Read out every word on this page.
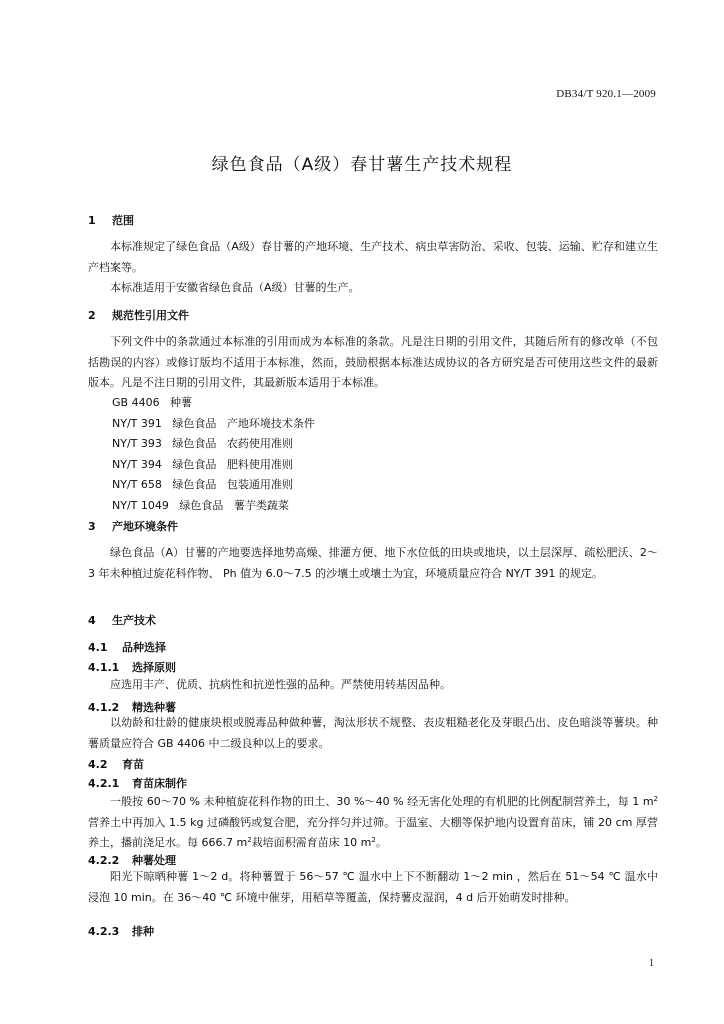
DB34/T 920.1—2009
绿色食品（A级）春甘薯生产技术规程
1 范围
本标准规定了绿色食品（A级）春甘薯的产地环境、生产技术、病虫草害防治、采收、包装、运输、贮存和建立生产档案等。
本标准适用于安徽省绿色食品（A级）甘薯的生产。
2 规范性引用文件
下列文件中的条款通过本标准的引用而成为本标准的条款。凡是注日期的引用文件，其随后所有的修改单（不包括勘误的内容）或修订版均不适用于本标准，然而，鼓励根据本标准达成协议的各方研究是否可使用这些文件的最新版本。凡是不注日期的引用文件，其最新版本适用于本标准。
GB 4406   种薯
NY/T 391   绿色食品   产地环境技术条件
NY/T 393   绿色食品   农药使用准则
NY/T 394   绿色食品   肥料使用准则
NY/T 658   绿色食品   包装通用准则
NY/T 1049   绿色食品   薯芋类蔬菜
3 产地环境条件
绿色食品（A）甘薯的产地要选择地势高燥、排灌方便、地下水位低的田块或地块，以土层深厚、疏松肥沃、2～3 年未种植过旋花科作物、 Ph 值为 6.0～7.5 的沙壤土或壤土为宜，环境质量应符合 NY/T 391 的规定。
4 生产技术
4.1 品种选择
4.1.1 选择原则
应选用丰产、优质、抗病性和抗逆性强的品种。严禁使用转基因品种。
4.1.2 精选种薯
以幼龄和壮龄的健康块根或脱毒品种做种薯，淘汰形状不规整、表皮粗糙老化及芽眼凸出、皮色暗淡等薯块。种薯质量应符合 GB 4406 中二级良种以上的要求。
4.2 育苗
4.2.1 育苗床制作
一般按 60～70 % 未种植旋花科作物的田土、30 %～40 % 经无害化处理的有机肥的比例配制营养土，每 1 $m^2$营养土中再加入 1.5 kg 过磷酸钙或复合肥，充分拌匀并过筛。于温室、大棚等保护地内设置育苗床，铺 20 cm 厚营养土，播前浇足水。每 666.7 $m^2$栽培面积需育苗床 10 $m^2$。
4.2.2 种薯处理
阳光下晾晒种薯 1～2 d。将种薯置于 56～57 ℃ 温水中上下不断翻动 1～2 min ，然后在 51～54 ℃ 温水中浸泡 10 min。在 36～40 ℃ 环境中催芽，用稻草等覆盖，保持薯皮湿润，4 d 后开始萌发时排种。
4.2.3 排种
1
